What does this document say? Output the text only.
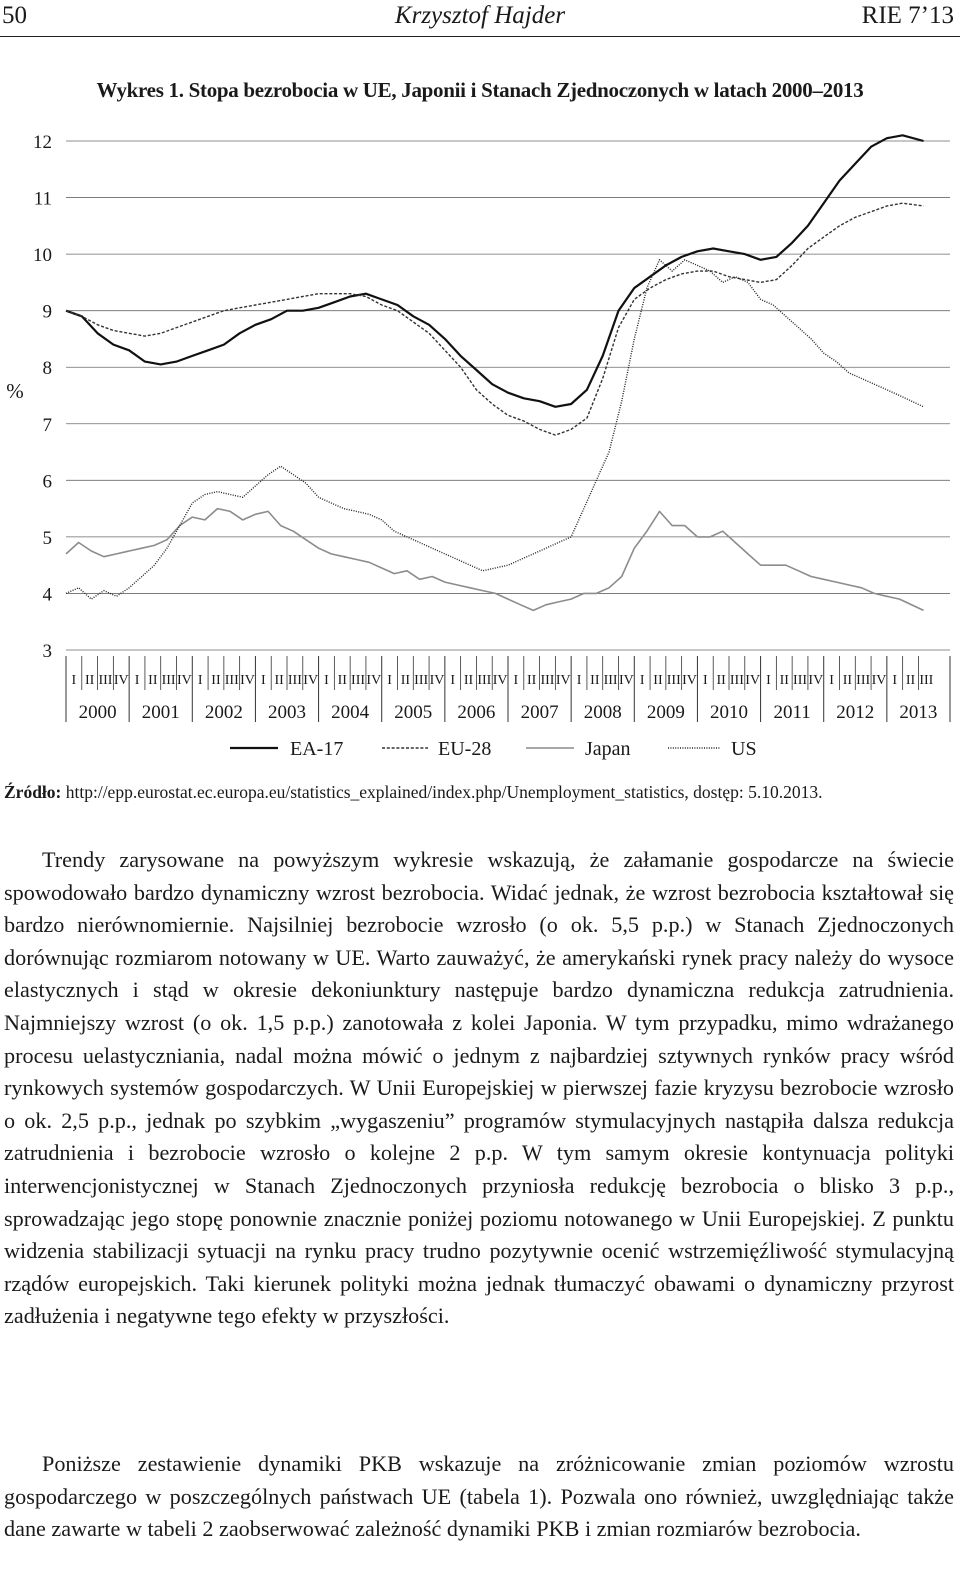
50	Krzysztof Hajder	RIE 7’13
Wykres 1. Stopa bezrobocia w UE, Japonii i Stanach Zjednoczonych w latach 2000–2013
3
4
5
6
7
8
9
10
11
12
%
I II III IV
2000
I II III IV
2001
I II III IV
2002
I II III IV
2003
I II III IV
2004
I II III IV
2005
I II III IV
2006
I II III IV
2007
I II III IV
2008
I II III IV
2009
I II III IV
2010
I II III IV
2011
I II III IV
2012
I II III
2013
EA-17	EU-28	Japan	US
Źródło: http://epp.eurostat.ec.europa.eu/statistics_explained/index.php/Unemployment_statistics, dostęp: 5.10.2013.

Trendy zarysowane na powyższym wykresie wskazują, że załamanie gospodarcze na świecie spowodowało bardzo dynamiczny wzrost bezrobocia. Widać jednak, że wzrost bezrobocia kształtował się bardzo nierównomiernie. Najsilniej bezrobocie wzrosło (o ok. 5,5 p.p.) w Stanach Zjednoczonych dorównując rozmiarom notowany w UE. Warto zauważyć, że amerykański rynek pracy należy do wysoce elastycznych i stąd w okresie dekoniunktury następuje bardzo dynamiczna redukcja zatrudnienia. Najmniejszy wzrost (o ok. 1,5 p.p.) zanotowała z kolei Japonia. W tym przypadku, mimo wdrażanego procesu uelastyczniania, nadal można mówić o jednym z najbardziej sztywnych rynków pracy wśród rynkowych systemów gospodarczych. W Unii Europejskiej w pierwszej fazie kryzysu bezrobocie wzrosło o ok. 2,5 p.p., jednak po szybkim „wygaszeniu” programów stymulacyjnych nastąpiła dalsza redukcja zatrudnienia i bezrobocie wzrosło o kolejne 2 p.p. W tym samym okresie kontynuacja polityki interwencjonistycznej w Stanach Zjednoczonych przyniosła redukcję bezrobocia o blisko 3 p.p., sprowadzając jego stopę ponownie znacznie poniżej poziomu notowanego w Unii Europejskiej. Z punktu widzenia stabilizacji sytuacji na rynku pracy trudno pozytywnie ocenić wstrzemięźliwość stymulacyjną rządów europejskich. Taki kierunek polityki można jednak tłumaczyć obawami o dynamiczny przyrost zadłużenia i negatywne tego efekty w przyszłości.

Poniższe zestawienie dynamiki PKB wskazuje na zróżnicowanie zmian poziomów wzrostu gospodarczego w poszczególnych państwach UE (tabela 1). Pozwala ono również, uwzględniając także dane zawarte w tabeli 2 zaobserwować zależność dynamiki PKB i zmian rozmiarów bezrobocia.
